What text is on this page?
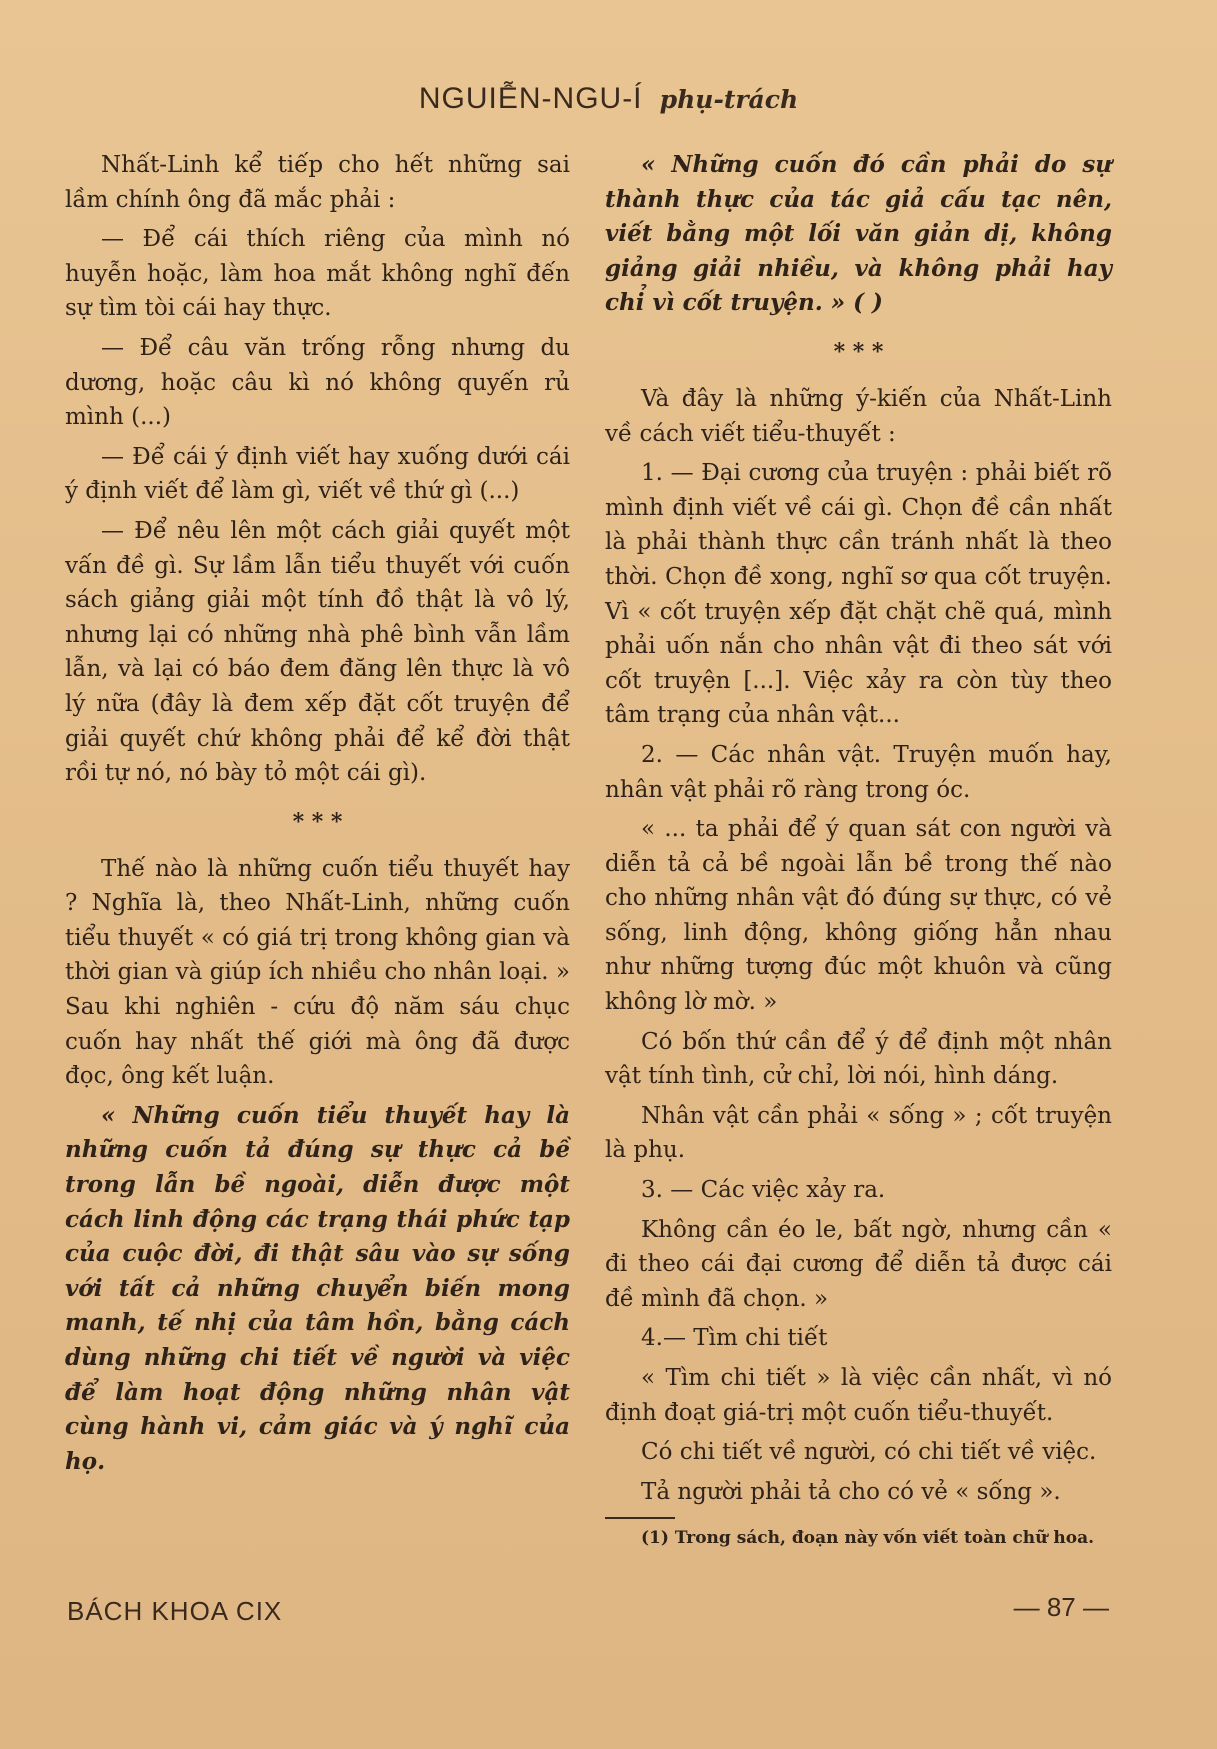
NGUIỄN-NGU-Í phụ-trách

Nhất-Linh kể tiếp cho hết những sai lầm chính ông đã mắc phải :

— Để cái thích riêng của mình nó huyễn hoặc, làm hoa mắt không nghĩ đến sự tìm tòi cái hay thực.

— Để câu văn trống rỗng nhưng du dương, hoặc câu kì nó không quyến rủ mình (...)

— Để cái ý định viết hay xuống dưới cái ý định viết để làm gì, viết về thứ gì (...)

— Để nêu lên một cách giải quyết một vấn đề gì. Sự lầm lẫn tiểu thuyết với cuốn sách giảng giải một tính đồ thật là vô lý, nhưng lại có những nhà phê bình vẫn lầm lẫn, và lại có báo đem đăng lên thực là vô lý nữa (đây là đem xếp đặt cốt truyện để giải quyết chứ không phải để kể đời thật rồi tự nó, nó bày tỏ một cái gì).

* * *

Thế nào là những cuốn tiểu thuyết hay ? Nghĩa là, theo Nhất-Linh, những cuốn tiểu thuyết « có giá trị trong không gian và thời gian và giúp ích nhiều cho nhân loại. » Sau khi nghiên - cứu độ năm sáu chục cuốn hay nhất thế giới mà ông đã được đọc, ông kết luận.

« Những cuốn tiểu thuyết hay là những cuốn tả đúng sự thực cả bề trong lẫn bề ngoài, diễn được một cách linh động các trạng thái phức tạp của cuộc đời, đi thật sâu vào sự sống với tất cả những chuyển biến mong manh, tế nhị của tâm hồn, bằng cách dùng những chi tiết về người và việc để làm hoạt động những nhân vật cùng hành vi, cảm giác và ý nghĩ của họ.

« Những cuốn đó cần phải do sự thành thực của tác giả cấu tạc nên, viết bằng một lối văn giản dị, không giảng giải nhiều, và không phải hay chỉ vì cốt truyện. » ( )

* * *

Và đây là những ý-kiến của Nhất-Linh về cách viết tiểu-thuyết :

1. — Đại cương của truyện : phải biết rõ mình định viết về cái gì. Chọn đề cần nhất là phải thành thực cần tránh nhất là theo thời. Chọn đề xong, nghĩ sơ qua cốt truyện. Vì « cốt truyện xếp đặt chặt chẽ quá, mình phải uốn nắn cho nhân vật đi theo sát với cốt truyện [...]. Việc xảy ra còn tùy theo tâm trạng của nhân vật...

2. — Các nhân vật. Truyện muốn hay, nhân vật phải rõ ràng trong óc.

« ... ta phải để ý quan sát con người và diễn tả cả bề ngoài lẫn bề trong thế nào cho những nhân vật đó đúng sự thực, có vẻ sống, linh động, không giống hẳn nhau như những tượng đúc một khuôn và cũng không lờ mờ. »

Có bốn thứ cần để ý để định một nhân vật tính tình, cử chỉ, lời nói, hình dáng.

Nhân vật cần phải « sống » ; cốt truyện là phụ.

3. — Các việc xảy ra.

Không cần éo le, bất ngờ, nhưng cần « đi theo cái đại cương để diễn tả được cái đề mình đã chọn. »

4.— Tìm chi tiết

« Tìm chi tiết » là việc cần nhất, vì nó định đoạt giá-trị một cuốn tiểu-thuyết.

Có chi tiết về người, có chi tiết về việc.

Tả người phải tả cho có vẻ « sống ».

(1) Trong sách, đoạn này vốn viết toàn chữ hoa.

BÁCH KHOA CIX	— 87 —
